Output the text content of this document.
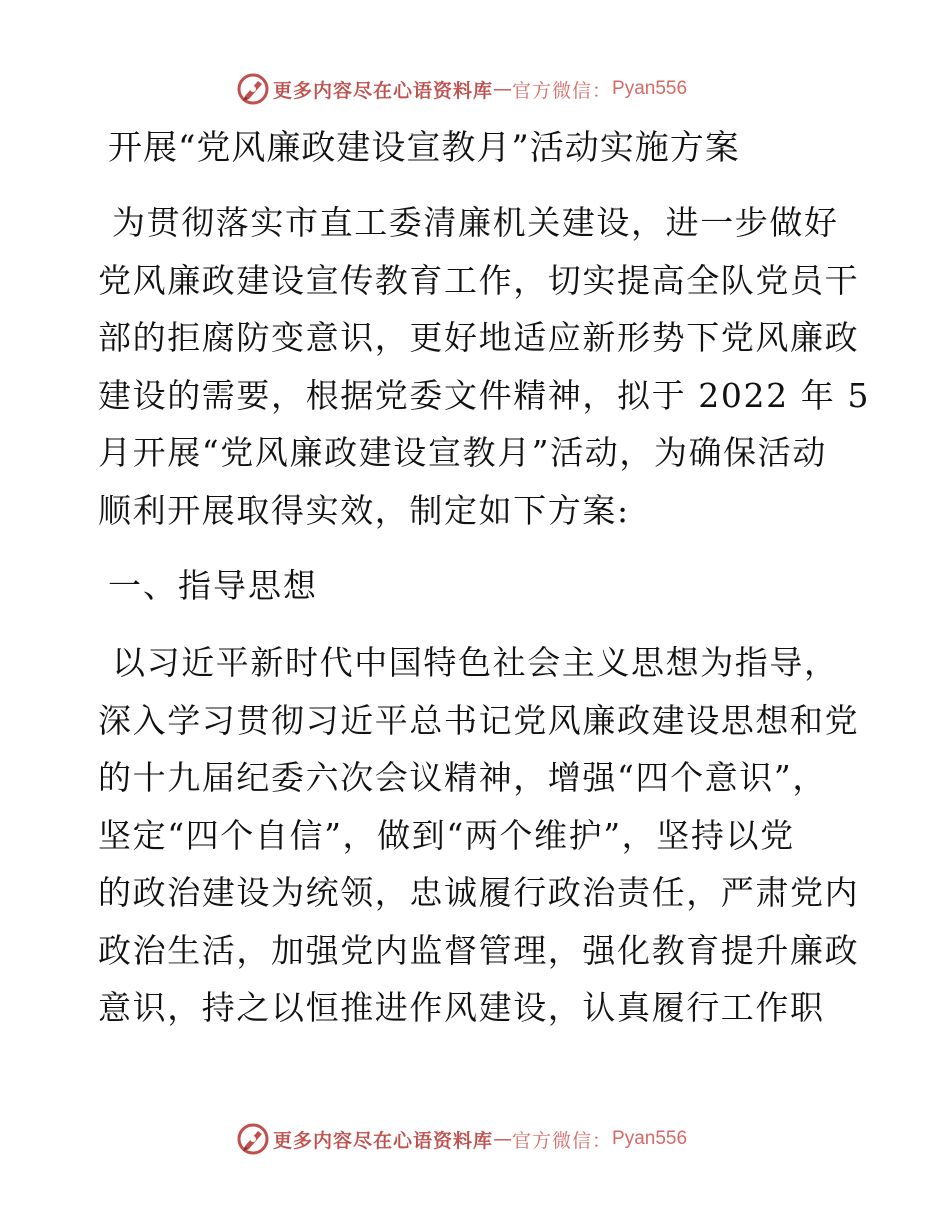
更多内容尽在心语资料库 — 官方微信： Pyan556
开展“党风廉政建设宣教月”活动实施方案
为贯彻落实市直工委清廉机关建设，进一步做好
党风廉政建设宣传教育工作，切实提高全队党员干
部的拒腐防变意识，更好地适应新形势下党风廉政
建设的需要，根据党委文件精神，拟于 2022 年 5
月开展“党风廉政建设宣教月”活动，为确保活动
顺利开展取得实效，制定如下方案:
一、指导思想
以习近平新时代中国特色社会主义思想为指导，
深入学习贯彻习近平总书记党风廉政建设思想和党
的十九届纪委六次会议精神，增强“四个意识”，
坚定“四个自信”，做到“两个维护”，坚持以党
的政治建设为统领，忠诚履行政治责任，严肃党内
政治生活，加强党内监督管理，强化教育提升廉政
意识，持之以恒推进作风建设，认真履行工作职
更多内容尽在心语资料库 — 官方微信： Pyan556
